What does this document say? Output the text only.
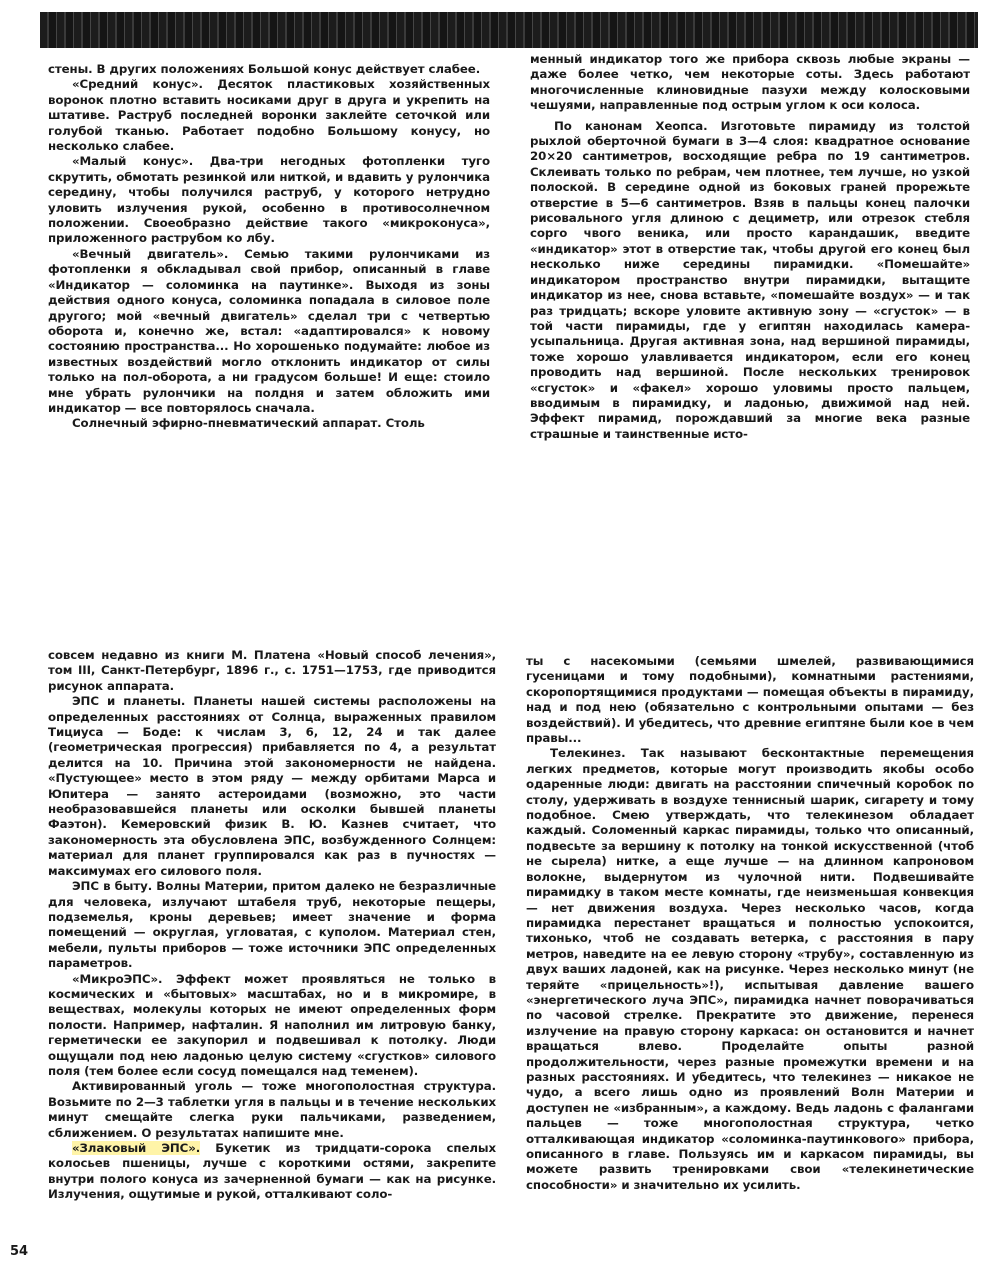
стены. В других положениях Большой конус действует слабее.

«Средний конус». Десяток пластиковых хозяйственных воронок плотно вставить носиками друг в друга и укрепить на штативе. Раструб последней воронки заклейте сеточкой или голубой тканью. Работает подобно Большому конусу, но несколько слабее.

«Малый конус». Два-три негодных фотопленки туго скрутить, обмотать резинкой или ниткой, и вдавить у рулончика середину, чтобы получился раструб, у которого нетрудно уловить излучения рукой, особенно в противосолнечном положении. Своеобразно действие такого «микроконусa», приложенного раструбом ко лбу.

«Вечный двигатель». Семью такими рулончиками из фотопленки я обкладывал свой прибор, описанный в главе «Индикатор — соломинка на паутинке». Выходя из зоны действия одного конуса, соломинка попадала в силовое поле другого; мой «вечный двигатель» сделал три с четвертью оборота и, конечно же, встал: «адаптировался» к новому состоянию пространства... Но хорошенько подумайте: любое из известных воздействий могло отклонить индикатор от силы только на пол-оборота, а ни градусом больше! И еще: стоило мне убрать рулончики на полдня и затем обложить ими индикатор — все повторялось сначала.

Солнечный эфирно-пневматический аппарат. Столь

менный индикатор того же прибора сквозь любые экраны — даже более четко, чем некоторые соты. Здесь работают многочисленные клиновидные пазухи между колосковыми чешуями, направленные под острым углом к оси колоса.

По канонам Хеопса. Изготовьте пирамиду из толстой рыхлой оберточной бумаги в 3—4 слоя: квадратное основание 20×20 сантиметров, восходящие ребра по 19 сантиметров. Склеивать только по ребрам, чем плотнее, тем лучше, но узкой полоской. В середине одной из боковых граней прорежьте отверстие в 5—6 сантиметров. Взяв в пальцы конец палочки рисовального угля длиною с дециметр, или отрезок стебля сорго чвого веника, или просто карандашик, введите «индикатор» этот в отверстие так, чтобы другой его конец был несколько ниже середины пирамидки. «Помешайте» индикатором пространство внутри пирамидки, вытащите индикатор из нее, снова вставьте, «помешайте воздух» — и так раз тридцать; вскоре уловите активную зону — «сгусток» — в той части пирамиды, где у египтян находилась камера-усыпальница. Другая активная зона, над вершиной пирамиды, тоже хорошо улавливается индикатором, если его конец проводить над вершиной. После нескольких тренировок «сгусток» и «факел» хорошо уловимы просто пальцем, вводимым в пирамидку, и ладонью, движимой над ней. Эффект пирамид, порождавший за многие века разные страшные и таинственные исто-

совсем недавно из книги М. Платена «Новый способ лечения», том III, Санкт-Петербург, 1896 г., с. 1751—1753, где приводится рисунок аппарата.

ЭПС и планеты. Планеты нашей системы расположены на определенных расстояниях от Солнца, выраженных правилом Тициуса — Боде: к числам 3, 6, 12, 24 и так далее (геометрическая прогрессия) прибавляется по 4, а результат делится на 10. Причина этой закономерности не найдена. «Пустующее» место в этом ряду — между орбитами Марса и Юпитера — занято астероидами (возможно, это части необразовавшейся планеты или осколки бывшей планеты Фаэтон). Кемеровский физик В. Ю. Казнев считает, что закономерность эта обусловлена ЭПС, возбужденного Солнцем: материал для планет группировался как раз в пучностях — максимумах его силового поля.

ЭПС в быту. Волны Материи, притом далеко не безразличные для человека, излучают штабеля труб, некоторые пещеры, подземелья, кроны деревьев; имеет значение и форма помещений — округлая, угловатая, с куполом. Материал стен, мебели, пульты приборов — тоже источники ЭПС определенных параметров.

«МикроЭПС». Эффект может проявляться не только в космических и «бытовых» масштабах, но и в микромире, в веществах, молекулы которых не имеют определенных форм полости. Например, нафталин. Я наполнил им литровую банку, герметически ее закупорил и подвешивал к потолку. Люди ощущали под нею ладонью целую систему «сгустков» силового поля (тем более если сосуд помещался над теменем).

Активированный уголь — тоже многополостная структура. Возьмите по 2—3 таблетки угля в пальцы и в течение нескольких минут смещайте слегка руки пальчиками, разведением, сближением. О результатах напишите мне.

«Злаковый ЭПС». Букетик из тридцати-сорока спелых колосьев пшеницы, лучше с короткими остями, закрепите внутри полого конуса из зачерненной бумаги — как на рисунке. Излучения, ощутимые и рукой, отталкивают соло-

ты с насекомыми (семьями шмелей, развивающимися гусеницами и тому подобными), комнатными растениями, скоропортящимися продуктами — помещая объекты в пирамиду, над и под нею (обязательно с контрольными опытами — без воздействий). И убедитесь, что древние египтяне были кое в чем правы...

Телекинез. Так называют бесконтактные перемещения легких предметов, которые могут производить якобы особо одаренные люди: двигать на расстоянии спичечный коробок по столу, удерживать в воздухе теннисный шарик, сигарету и тому подобное. Смею утверждать, что телекинезом обладает каждый. Соломенный каркас пирамиды, только что описанный, подвесьте за вершину к потолку на тонкой искусственной (чтоб не сырела) нитке, а еще лучше — на длинном капроновом волокне, выдернутом из чулочной нити. Подвешивайте пирамидку в таком месте комнаты, где неизменьшая конвекция — нет движения воздуха. Через несколько часов, когда пирамидка перестанет вращаться и полностью успокоится, тихонько, чтоб не создавать ветерка, с расстояния в пару метров, наведите на ее левую сторону «трубу», составленную из двух ваших ладоней, как на рисунке. Через несколько минут (не теряйте «прицельность»!), испытывая давление вашего «энергетического луча ЭПС», пирамидка начнет поворачиваться по часовой стрелке. Прекратите это движение, перенеся излучение на правую сторону каркаса: он остановится и начнет вращаться влево. Проделайте опыты разной продолжительности, через разные промежутки времени и на разных расстояниях. И убедитесь, что телекинез — никакое не чудо, а всего лишь одно из проявлений Волн Материи и доступен не «избранным», а каждому. Ведь ладонь с фалангами пальцев — тоже многополостная структура, четко отталкивающая индикатор «соломинка-паутинкового» прибора, описанного в главе. Пользуясь им и каркасом пирамиды, вы можете развить тренировками свои «телекинетические способности» и значительно их усилить.

54
